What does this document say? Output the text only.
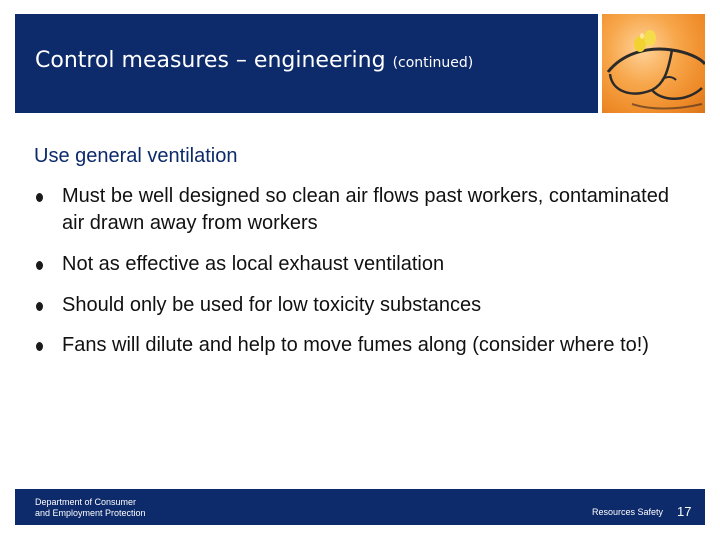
Control measures – engineering (continued)
Use general ventilation
Must be well designed so clean air flows past workers, contaminated air drawn away from workers
Not as effective as local exhaust ventilation
Should only be used for low toxicity substances
Fans will dilute and help to move fumes along (consider where to!)
Department of Consumer
and Employment Protection	Resources Safety 17
